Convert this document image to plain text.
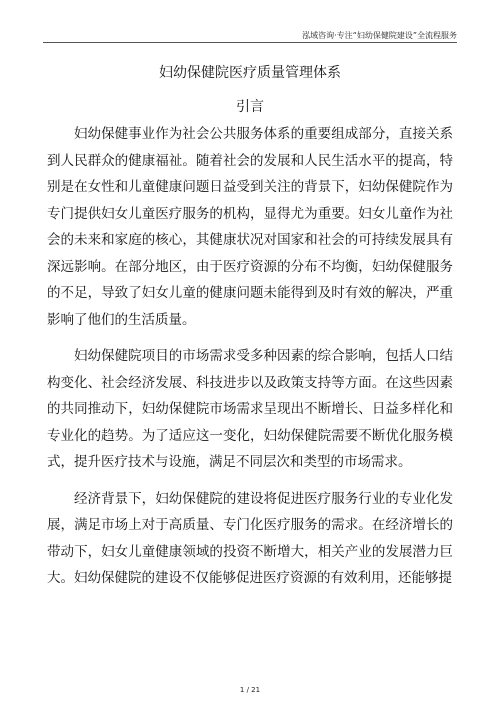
泓域咨询·专注“妇幼保健院建设”全流程服务
妇幼保健院医疗质量管理体系
引言

妇幼保健事业作为社会公共服务体系的重要组成部分，直接关系到人民群众的健康福祉。随着社会的发展和人民生活水平的提高，特别是在女性和儿童健康问题日益受到关注的背景下，妇幼保健院作为专门提供妇女儿童医疗服务的机构，显得尤为重要。妇女儿童作为社会的未来和家庭的核心，其健康状况对国家和社会的可持续发展具有深远影响。在部分地区，由于医疗资源的分布不均衡，妇幼保健服务的不足，导致了妇女儿童的健康问题未能得到及时有效的解决，严重影响了他们的生活质量。

妇幼保健院项目的市场需求受多种因素的综合影响，包括人口结构变化、社会经济发展、科技进步以及政策支持等方面。在这些因素的共同推动下，妇幼保健院市场需求呈现出不断增长、日益多样化和专业化的趋势。为了适应这一变化，妇幼保健院需要不断优化服务模式，提升医疗技术与设施，满足不同层次和类型的市场需求。

经济背景下，妇幼保健院的建设将促进医疗服务行业的专业化发展，满足市场上对于高质量、专门化医疗服务的需求。在经济增长的带动下，妇女儿童健康领域的投资不断增大，相关产业的发展潜力巨大。妇幼保健院的建设不仅能够促进医疗资源的有效利用，还能够提

1 / 21
